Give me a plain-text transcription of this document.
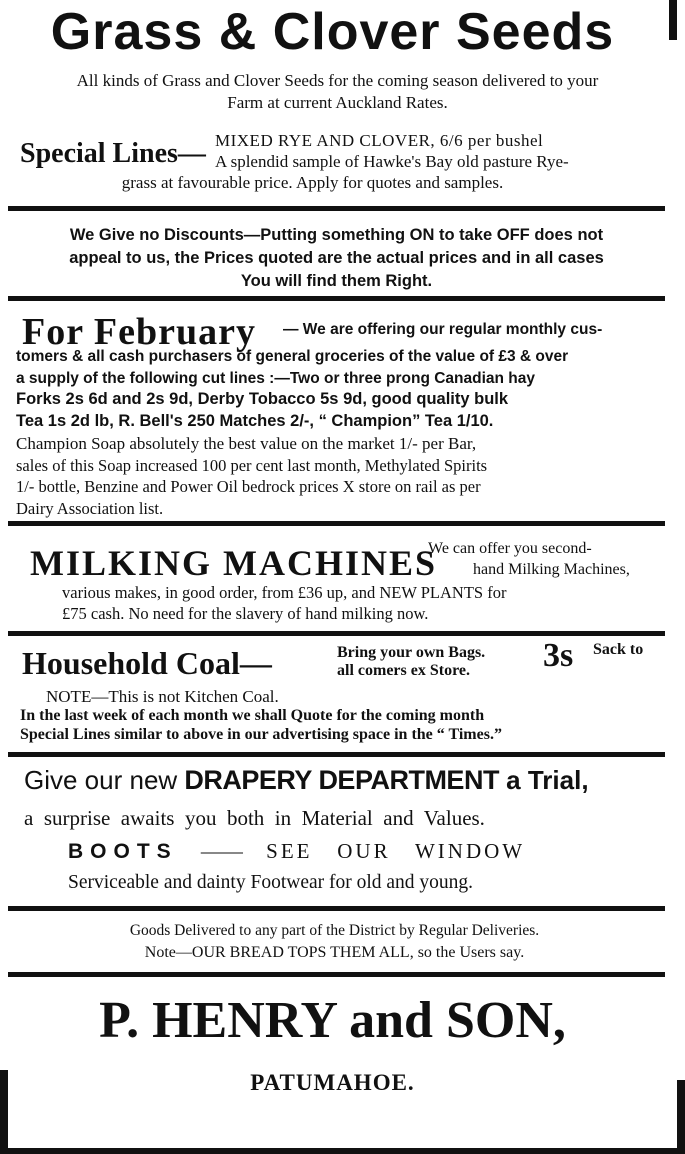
Grass & Clover Seeds

All kinds of Grass and Clover Seeds for the coming season delivered to your

Farm at current Auckland Rates.

Special Lines— MIXED RYE AND CLOVER, 6/6 per bushel

A splendid sample of Hawke's Bay old pasture Rye-

grass at favourable price. Apply for quotes and samples.

We Give no Discounts—Putting something ON to take OFF does not

appeal to us, the Prices quoted are the actual prices and in all cases

You will find them Right.

For February — We are offering our regular monthly cus-

tomers & all cash purchasers of general groceries of the value of £3 & over

a supply of the following cut lines :—Two or three prong Canadian hay

Forks 2s 6d and 2s 9d, Derby Tobacco 5s 9d, good quality bulk

Tea 1s 2d lb, R. Bell's 250 Matches 2/-, “ Champion” Tea 1/10.

Champion Soap absolutely the best value on the market 1/- per Bar,

sales of this Soap increased 100 per cent last month, Methylated Spirits

1/- bottle, Benzine and Power Oil bedrock prices X store on rail as per

Dairy Association list.

MILKING MACHINES

We can offer you second-

hand Milking Machines,

various makes, in good order, from £36 up, and NEW PLANTS for

£75 cash. No need for the slavery of hand milking now.

Household Coal—	Bring your own Bags.

all comers ex Store.	3s Sack to
NOTE—This is not Kitchen Coal.

In the last week of each month we shall Quote for the coming month

Special Lines similar to above in our advertising space in the “ Times.”

Give our new DRAPERY DEPARTMENT a Trial,
a  surprise  awaits  you  both  in  Material  and  Values.
BOOTS —— SEE   OUR   WINDOW
Serviceable and dainty Footwear for old and young.

Goods Delivered to any part of the District by Regular Deliveries.

Note—OUR BREAD TOPS THEM ALL, so the Users say.

P. HENRY and SON,
PATUMAHOE.
